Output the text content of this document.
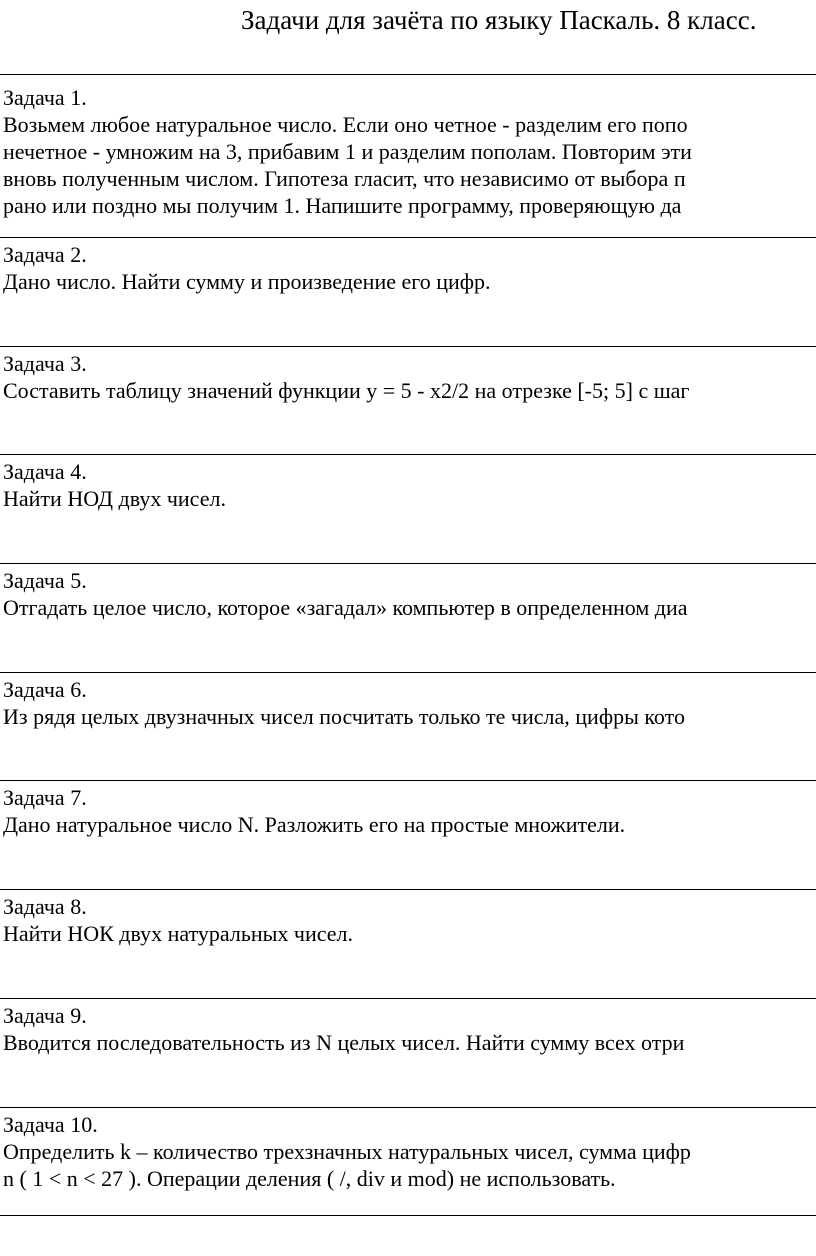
Задачи для зачёта по языку Паскаль. 8 класс.
Задача 1.
Возьмем любое натуральное число. Если оно четное - разделим его попо
нечетное - умножим на 3, прибавим 1 и разделим пополам. Повторим эти
вновь полученным числом. Гипотеза гласит, что независимо от выбора п
рано или поздно мы получим 1. Напишите программу, проверяющую да
Задача 2.
Дано число. Найти сумму и произведение его цифр.
Задача 3.
Составить таблицу значений функции y = 5 - x2/2 на отрезке [-5; 5] с шаг
Задача 4.
Найти НОД двух чисел.
Задача 5.
Отгадать целое число, которое «загадал» компьютер в определенном диа
Задача 6.
Из рядя целых двузначных чисел посчитать только те числа, цифры кото
Задача 7.
Дано натуральное число N. Разложить его на простые множители.
Задача 8.
Найти НОК двух натуральных чисел.
Задача 9.
Вводится последовательность из N целых чисел. Найти сумму всех отри
Задача 10.
Определить k – количество трехзначных натуральных чисел, сумма цифр
n ( 1 < n < 27 ). Операции деления ( /, div и mod) не использовать.
